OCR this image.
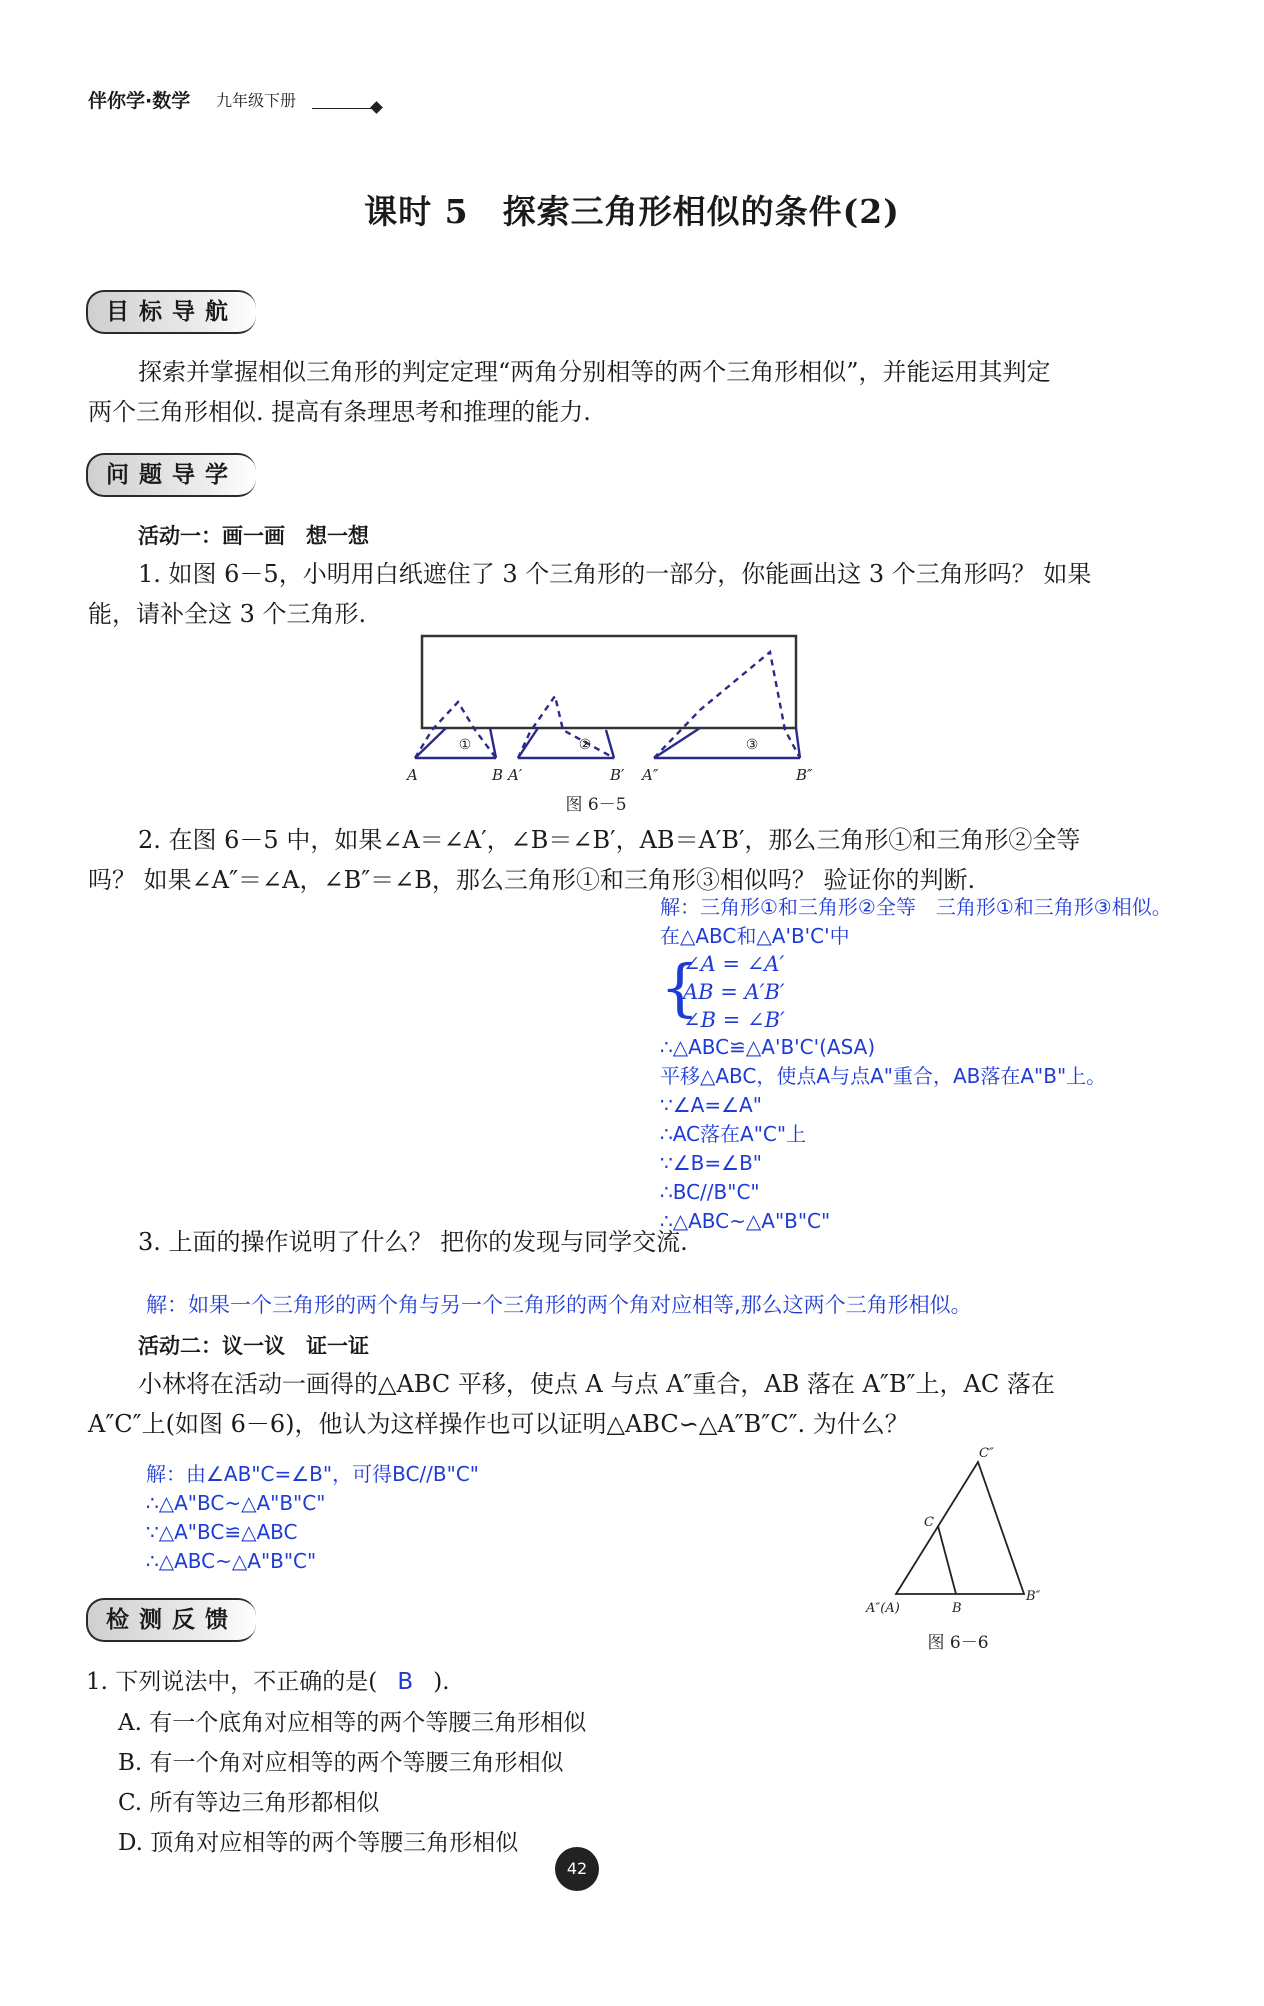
伴你学·数学 九年级下册
课时 5　探索三角形相似的条件(2)
目标导航
探索并掌握相似三角形的判定定理“两角分别相等的两个三角形相似”，并能运用其判定
两个三角形相似. 提高有条理思考和推理的能力.
问题导学
活动一：画一画　想一想
1. 如图 6－5，小明用白纸遮住了 3 个三角形的一部分，你能画出这 3 个三角形吗？ 如果
能，请补全这 3 个三角形.
①	②	③
A	B A′	B′ A″	B″
图 6－5
2. 在图 6－5 中，如果∠A＝∠A′，∠B＝∠B′，AB＝A′B′，那么三角形①和三角形②全等
吗？ 如果∠A″＝∠A，∠B″＝∠B，那么三角形①和三角形③相似吗？ 验证你的判断.
解：三角形①和三角形②全等　三角形①和三角形③相似。
在△ABC和△A'B'C'中
{
∠A = ∠A′
AB = A′B′
∠B = ∠B′
∴△ABC≌△A'B'C'(ASA)
平移△ABC，使点A与点A"重合，AB落在A"B"上。
∵∠A=∠A"
∴AC落在A"C"上
∵∠B=∠B"
∴BC//B"C"
∴△ABC~△A"B"C"
3. 上面的操作说明了什么？ 把你的发现与同学交流.
解：如果一个三角形的两个角与另一个三角形的两个角对应相等,那么这两个三角形相似。
活动二：议一议　证一证
小林将在活动一画得的△ABC 平移，使点 A 与点 A″重合，AB 落在 A″B″上，AC 落在
A″C″上(如图 6－6)，他认为这样操作也可以证明△ABC∽△A″B″C″. 为什么？
解：由∠AB"C=∠B"，可得BC//B"C"
∴△A"BC~△A"B"C"
∵△A"BC≌△ABC
∴△ABC~△A"B"C"
C″
C
A″(A)	B
B″
图 6－6
检测反馈
1. 下列说法中，不正确的是( B ).
A. 有一个底角对应相等的两个等腰三角形相似
B. 有一个角对应相等的两个等腰三角形相似
C. 所有等边三角形都相似
D. 顶角对应相等的两个等腰三角形相似
42
